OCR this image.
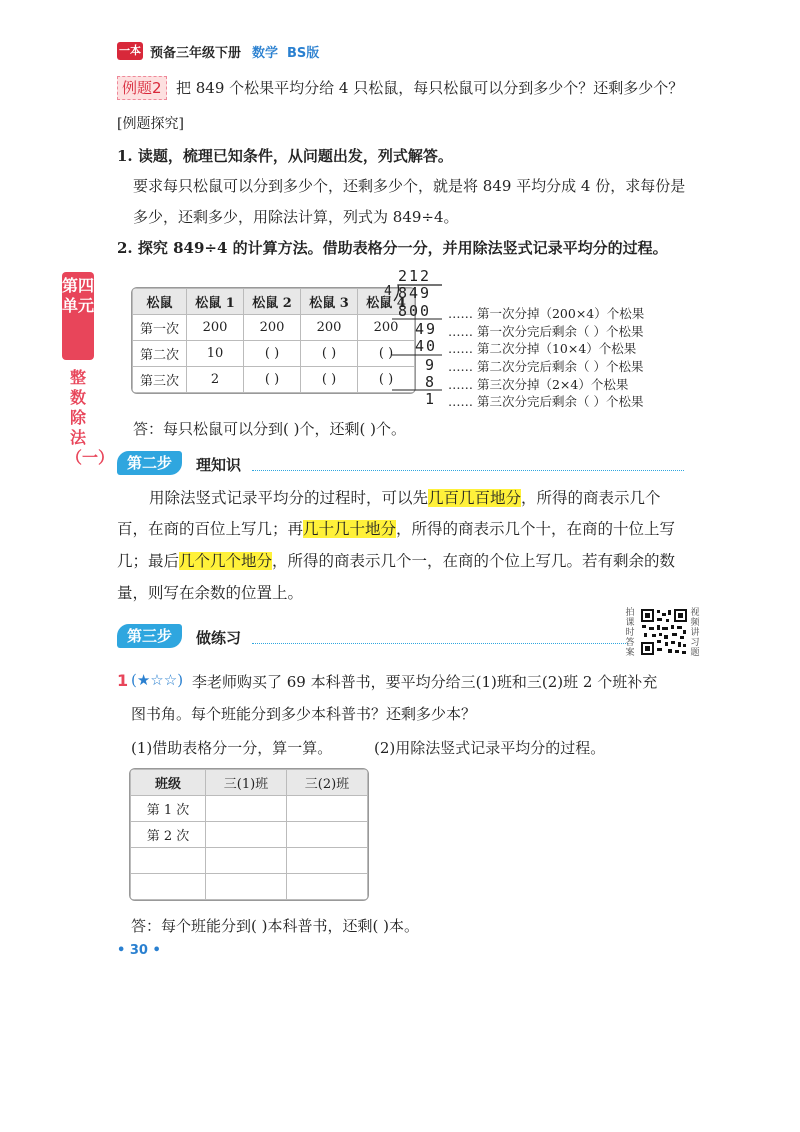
一本 预备三年级下册 数学 BS版
第四单元
整数除法（一）
例题2 把 849 个松果平均分给 4 只松鼠，每只松鼠可以分到多少个？还剩多少个？
[例题探究]
1. 读题，梳理已知条件，从问题出发，列式解答。
要求每只松鼠可以分到多少个，还剩多少个，就是将 849 平均分成 4 份，求每份是
多少，还剩多少，用除法计算，列式为 849÷4。
2. 探究 849÷4 的计算方法。借助表格分一分，并用除法竖式记录平均分的过程。
松鼠	松鼠 1	松鼠 2	松鼠 3	松鼠 4
第一次	200	200	200	200
第二次	10	( )	( )	( )
第三次	2	( )	( )	( )
212
4 849
800
49
40
9
8
1
…… 第一次分掉（200×4）个松果
…… 第一次分完后剩余（ ）个松果
…… 第二次分掉（10×4）个松果
…… 第二次分完后剩余（ ）个松果
…… 第三次分掉（2×4）个松果
…… 第三次分完后剩余（ ）个松果
答：每只松鼠可以分到( )个，还剩( )个。
第二步	理知识
用除法竖式记录平均分的过程时，可以先几百几百地分，所得的商表示几个
百，在商的百位上写几；再几十几十地分，所得的商表示几个十，在商的十位上写
几；最后几个几个地分，所得的商表示几个一，在商的个位上写几。若有剩余的数
量，则写在余数的位置上。
第三步	做练习
拍课时答案
视频讲习题
1 (★☆☆) 李老师购买了 69 本科普书，要平均分给三(1)班和三(2)班 2 个班补充
图书角。每个班能分到多少本科普书？还剩多少本？
(1)借助表格分一分，算一算。	(2)用除法竖式记录平均分的过程。
班级	三(1)班	三(2)班
第 1 次		
第 2 次		

答：每个班能分到( )本科普书，还剩( )本。
• 30 •
